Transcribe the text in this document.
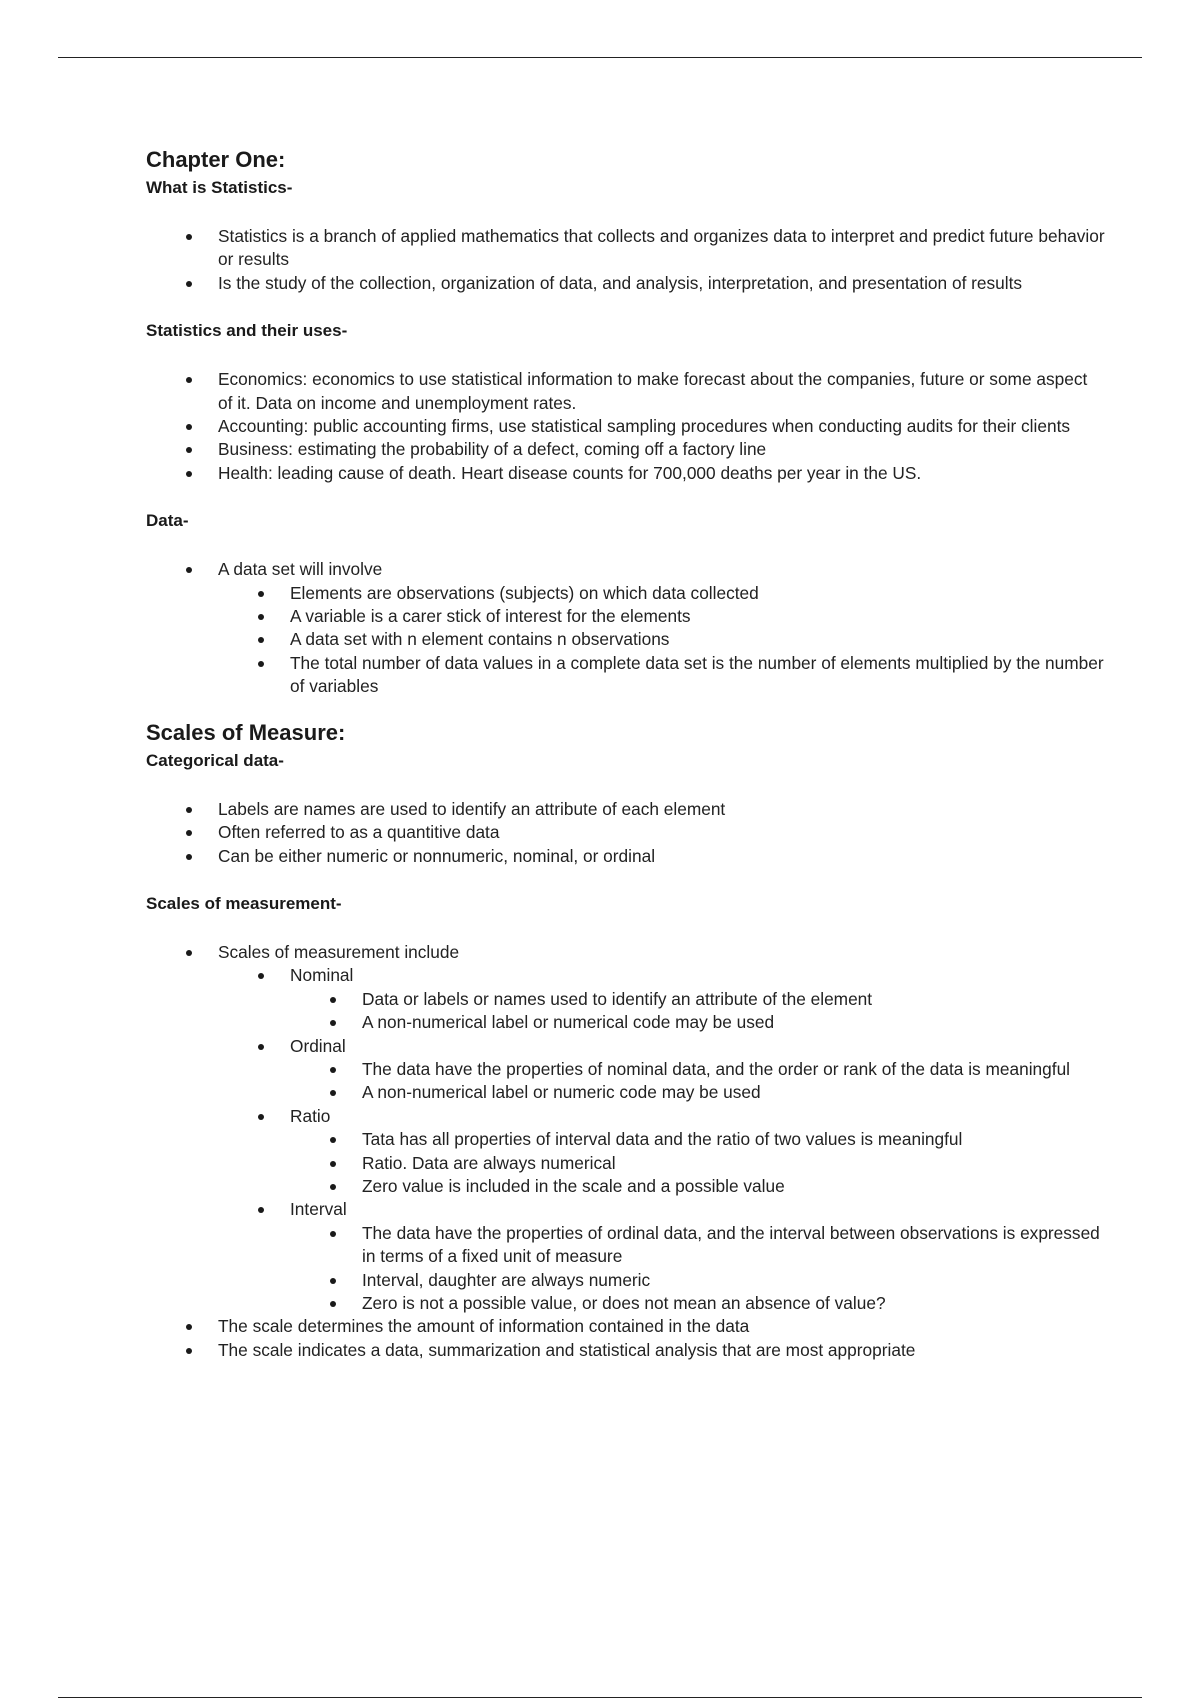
Chapter One:
What is Statistics-
Statistics is a branch of applied mathematics that collects and organizes data to interpret and predict future behavior or results
Is the study of the collection, organization of data, and analysis, interpretation, and presentation of results
Statistics and their uses-
Economics: economics to use statistical information to make forecast about the companies, future or some aspect of it. Data on income and unemployment rates.
Accounting: public accounting firms, use statistical sampling procedures when conducting audits for their clients
Business: estimating the probability of a defect, coming off a factory line
Health: leading cause of death. Heart disease counts for 700,000 deaths per year in the US.
Data-
A data set will involve
Elements are observations (subjects) on which data collected
A variable is a carer stick of interest for the elements
A data set with n element contains n observations
The total number of data values in a complete data set is the number of elements multiplied by the number of variables
Scales of Measure:
Categorical data-
Labels are names are used to identify an attribute of each element
Often referred to as a quantitive data
Can be either numeric or nonnumeric, nominal, or ordinal
Scales of measurement-
Scales of measurement include
Nominal
Data or labels or names used to identify an attribute of the element
A non-numerical label or numerical code may be used
Ordinal
The data have the properties of nominal data, and the order or rank of the data is meaningful
A non-numerical label or numeric code may be used
Ratio
Tata has all properties of interval data and the ratio of two values is meaningful
Ratio. Data are always numerical
Zero value is included in the scale and a possible value
Interval
The data have the properties of ordinal data, and the interval between observations is expressed in terms of a fixed unit of measure
Interval, daughter are always numeric
Zero is not a possible value, or does not mean an absence of value?
The scale determines the amount of information contained in the data
The scale indicates a data, summarization and statistical analysis that are most appropriate
